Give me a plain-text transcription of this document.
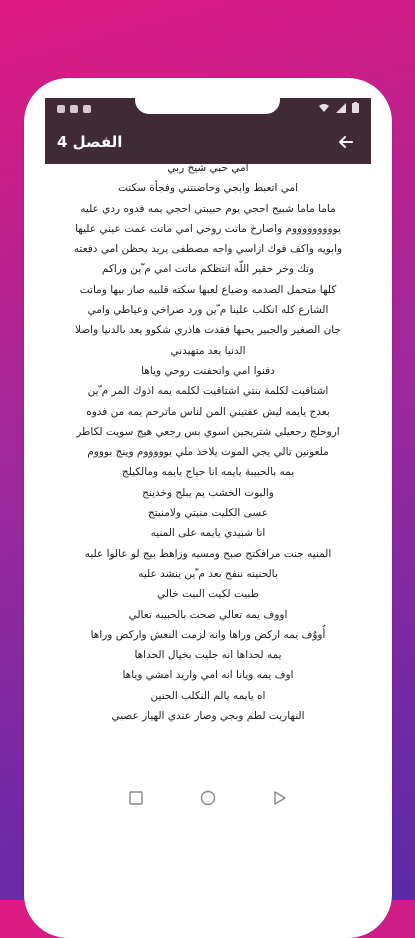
الفصل 4
امي حبي شيخ ربي
امي اتعبط وابجي وحاضنتني وفجأة سكتت
ماما ماما شبيج احجي يوم حبيبتي احجي يمه فدوه ردي عليه
يوووووووووم واصارخ ماتت روحي امي ماتت عمت عيني عليها
وابويه واكف فوك ازاسي واجه مصطفى يريد يحظن امي دفعته
وتك وخر حقير اللّه انتظكم ماتت امي م ّين وراكم
كلها متحمل الصدمه وضياع لعبها سكته قلبيه صار بيها وماتت
الشارع كله انكلب علينا م ّين ورد صراخي وعياطي وامي
جان الصغير والجبير يحبها فقدت هاذري شكوو يعد بالدنيا واصلا
الدنيا يعد متهيدني
دفنوا امي وانحفنت روحي وياها
اشتاقيت لكلمة بنتي اشتاقيت لكلمه يمه اذوك المر م ّين
بعدج يايمه ليش عفتيني المن لناس ماترحم يمه من فدوه
اروحلج رجعيلي شتريجين اسوي بس رجعي هيج سويت لكاطر
ملعونين تالي يجي الموت يلاخذ ملي يوووووم وينج بوووم
يمه بالحبيبة يايمه انا حياج يايمه ومالكيلج
والبوت الخشب يم يبلج وخدينج
عسى الكليت منيتي ولامنيتج
انا شبيدي يايمه على المنيه
المنيه جنت مرافكتج صبح ومسيه وزاهط بيج لو عالوا عليه
بالحنينه ننفج بعد م ّين ينشد عليه
طبيت لكيت البيت خالي
اووف يمه تعالي صحت بالحبيبه تعالي
أُووُف يمه اركض وراها وانه لزمت النعش واركض وراها
يمه لحداها انه جليت بخيال الحداها
اوف يمه ويانا انه امي واريد امشي وياها
اه يايمه يالم النكلب الحنين
النهاريت لطم وبجي وصار عندي الهيار عصبي
